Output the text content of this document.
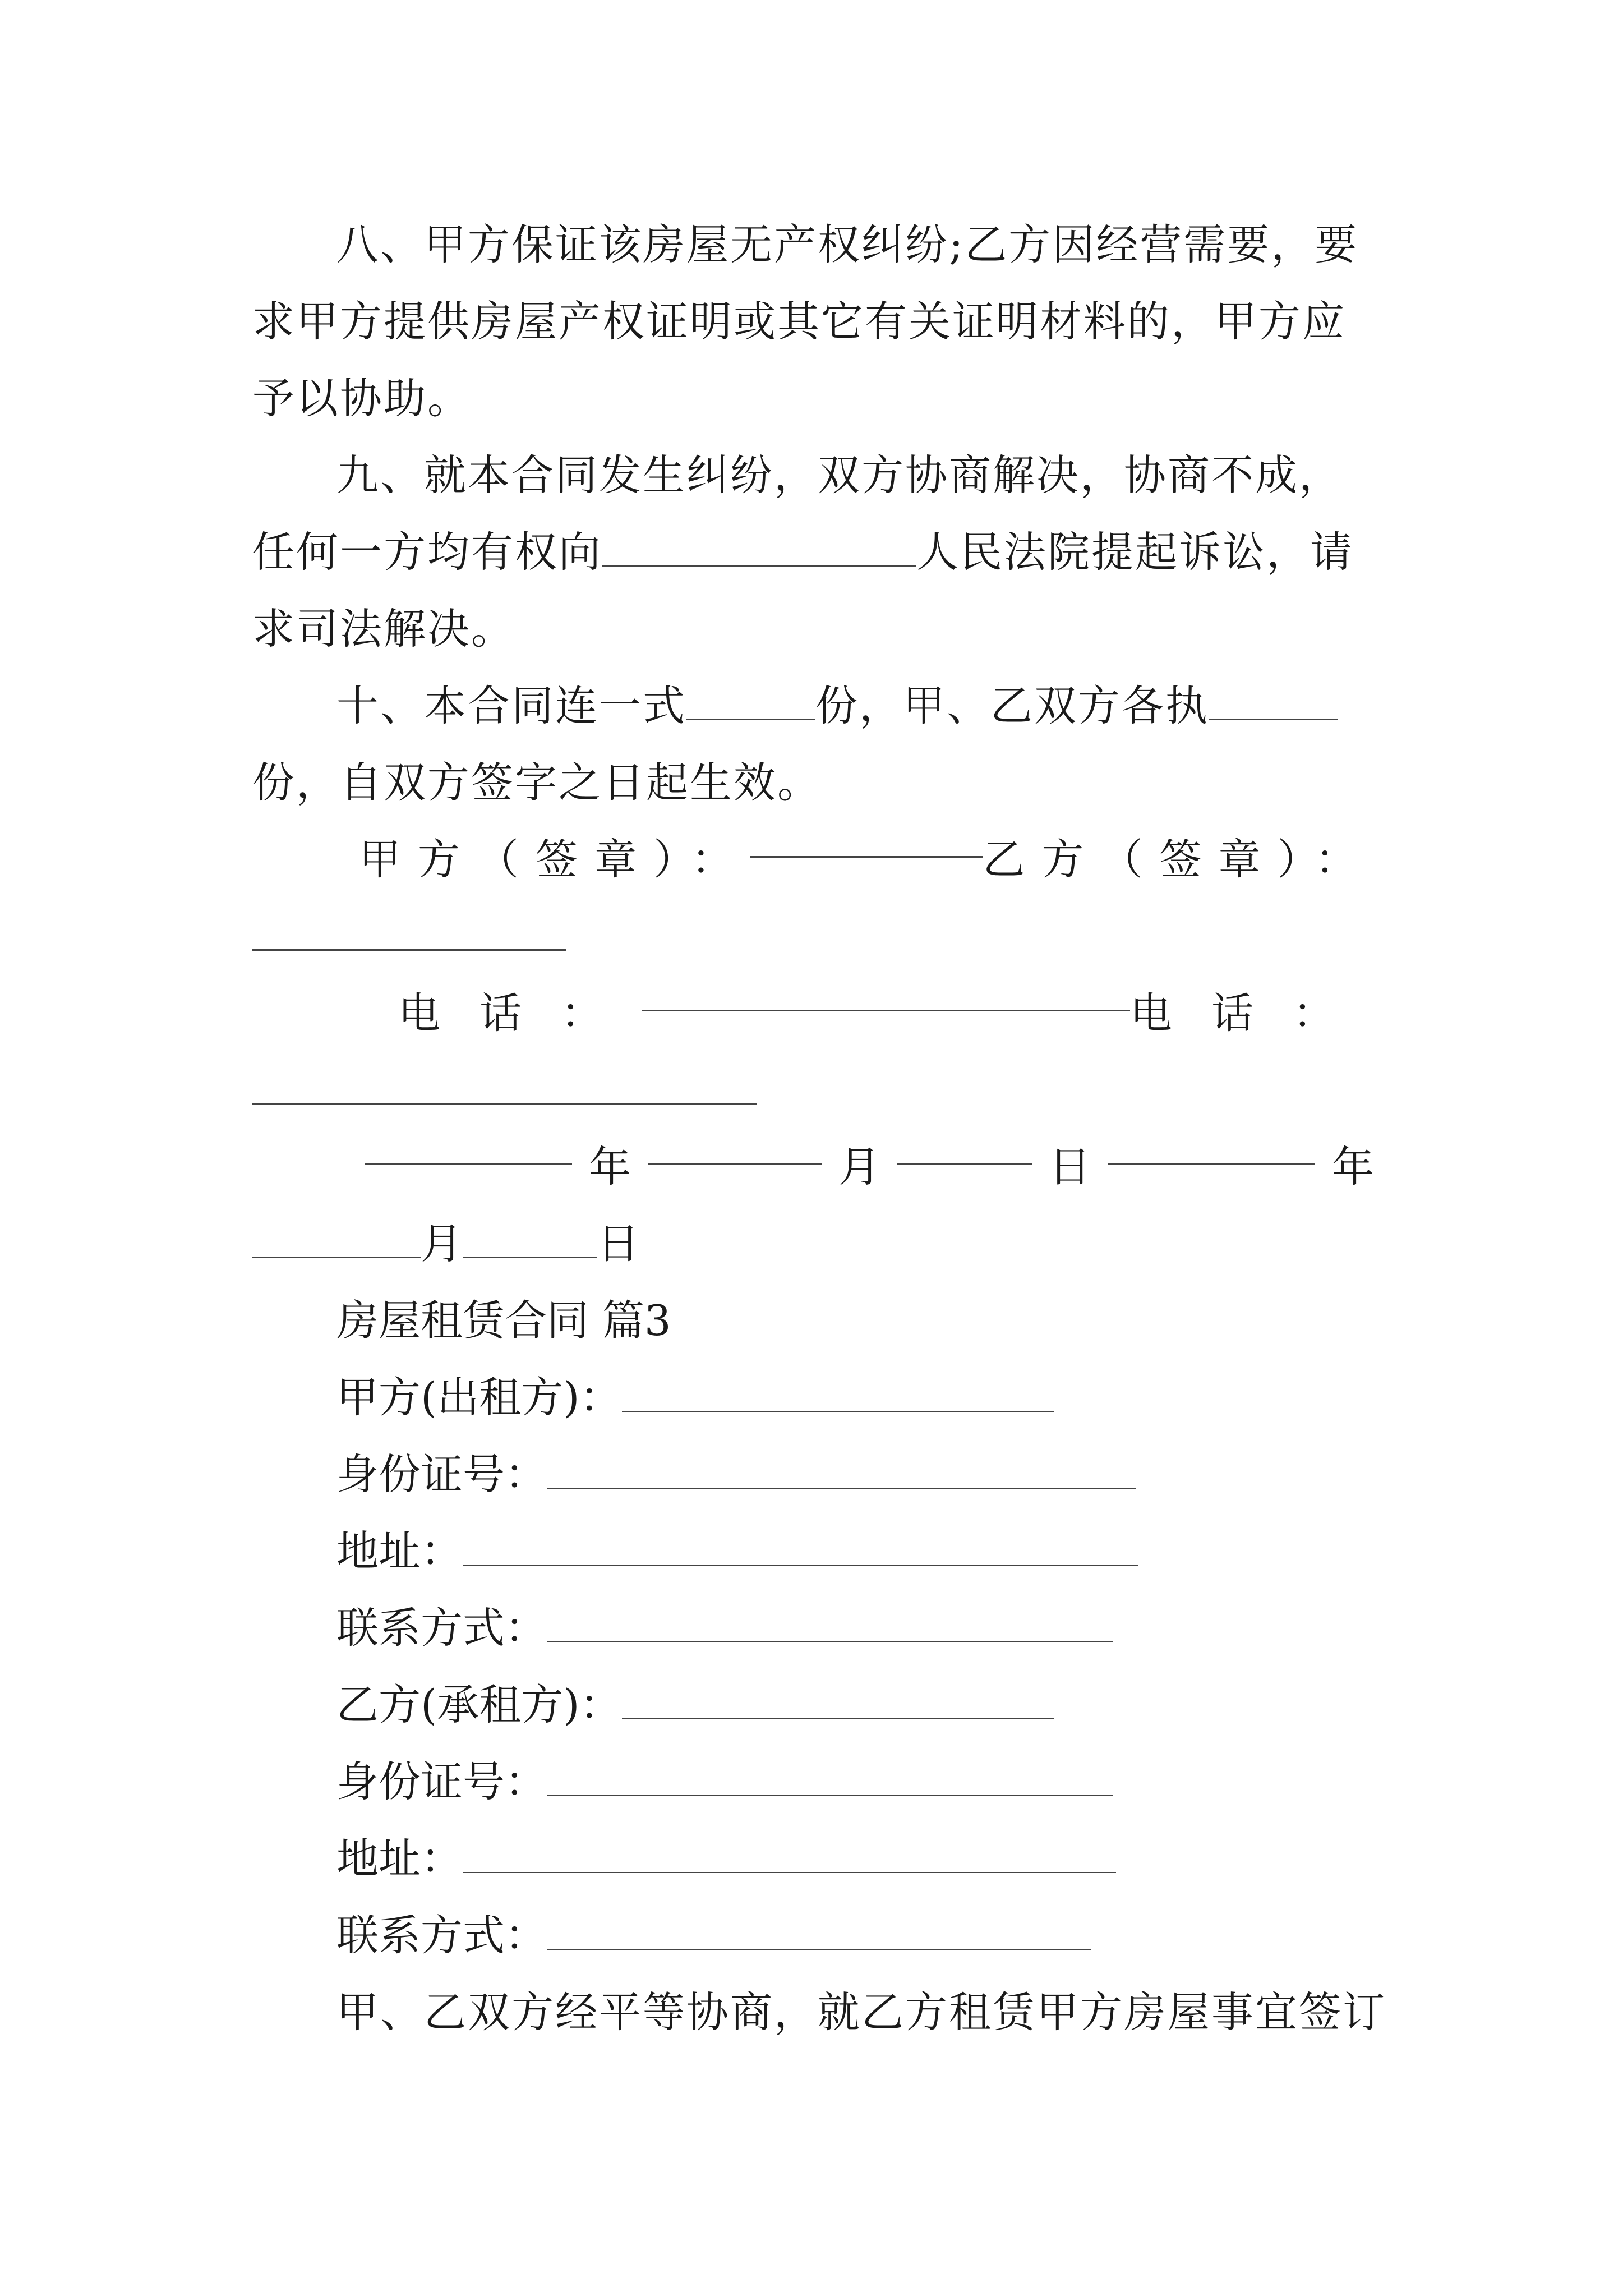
八、甲方保证该房屋无产权纠纷;乙方因经营需要，要求甲方提供房屋产权证明或其它有关证明材料的，甲方应予以协助。

九、就本合同发生纠纷，双方协商解决，协商不成，任何一方均有权向	人民法院提起诉讼，请求司法解决。

十、本合同连一式	份，甲、乙双方各执份，自双方签字之日起生效。

甲方（签章）：	乙方（签章）：
电话：	电话：
年	月	日	年
月	日
房屋租赁合同 篇3
甲方(出租方)：
身份证号：
地址：
联系方式：
乙方(承租方)：
身份证号：
地址：
联系方式：
甲、乙双方经平等协商，就乙方租赁甲方房屋事宜签订
